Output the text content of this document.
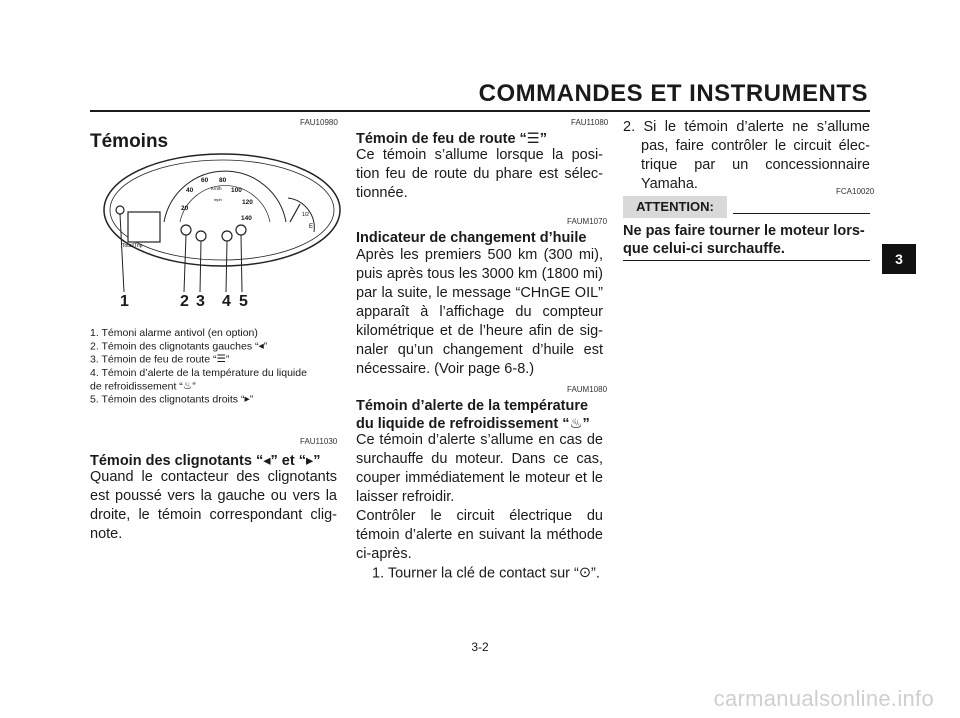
COMMANDES ET INSTRUMENTS
FAU10980
Témoins
20
40
60 80
100
120
140
Km/h
mph
Total/Trip
1/2
E
1	2 3 4 5
1. Témoni alarme antivol (en option)
2. Témoin des clignotants gauches “◂”
3. Témoin de feu de route “☰”
4. Témoin d’alerte de la température du liquide
de refroidissement “♨”
5. Témoin des clignotants droits “▸”
FAU11030
Témoin des clignotants “◂” et “▸”
Quand le contacteur des clignotants
est poussé vers la gauche ou vers la
droite, le témoin correspondant clig-
note.
FAU11080
Témoin de feu de route “☰”
Ce témoin s’allume lorsque la posi-
tion feu de route du phare est sélec-
tionnée.
FAUM1070
Indicateur de changement d’huile
Après les premiers 500 km (300 mi),
puis après tous les 3000 km (1800 mi)
par la suite, le message “CHnGE OIL”
apparaît à l’affichage du compteur
kilométrique et de l’heure afin de sig-
naler qu’un changement d’huile est
nécessaire. (Voir page 6-8.)
FAUM1080
Témoin d’alerte de la température
du liquide de refroidissement “♨”
Ce témoin d’alerte s’allume en cas de
surchauffe du moteur. Dans ce cas,
couper immédiatement le moteur et le
laisser refroidir.
Contrôler le circuit électrique du
témoin d’alerte en suivant la méthode
ci-après.
1. Tourner la clé de contact sur “⊙”.
2. Si le témoin d’alerte ne s’allume
pas, faire contrôler le circuit élec-
trique par un concessionnaire
Yamaha.	FCA10020
ATTENTION:
Ne pas faire tourner le moteur lors-
que celui-ci surchauffe.
3
3-2
carmanualsonline.info
